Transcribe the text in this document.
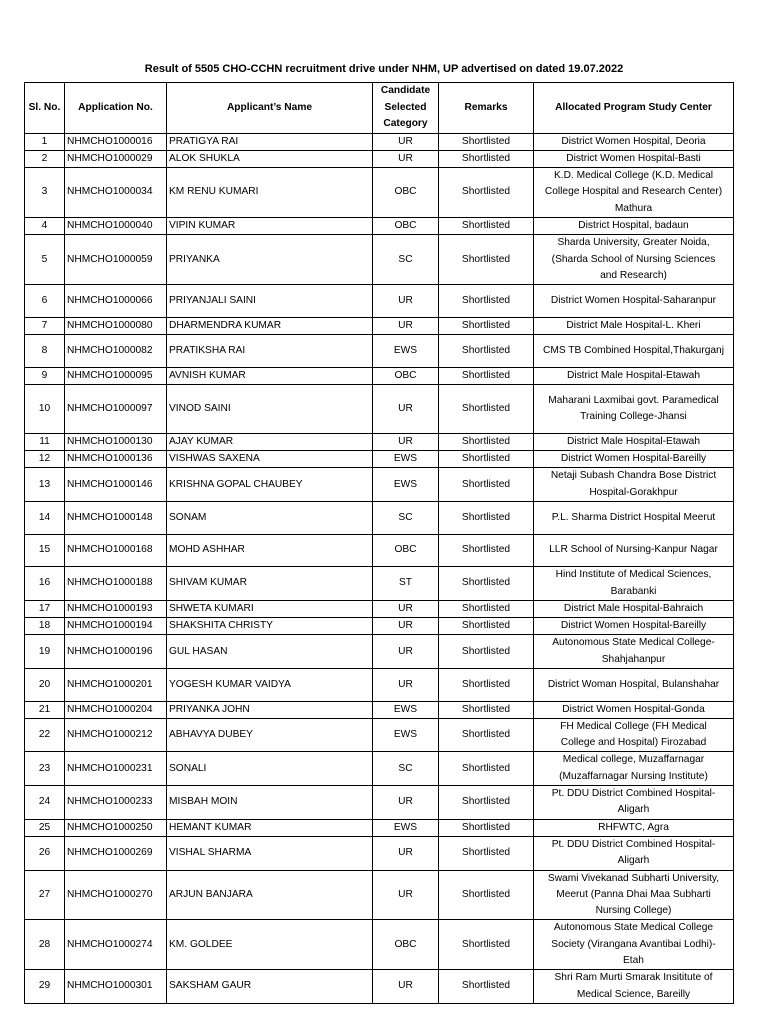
Result of 5505 CHO-CCHN recruitment drive under NHM, UP advertised on dated 19.07.2022
Sl. No.	Application No.	Applicant’s Name	Candidate
Selected
Category	Remarks	Allocated Program Study Center
1	NHMCHO1000016	PRATIGYA RAI	UR	Shortlisted	District Women Hospital, Deoria

2	NHMCHO1000029	ALOK SHUKLA	UR	Shortlisted	District Women Hospital-Basti

3	NHMCHO1000034	KM RENU KUMARI	OBC	Shortlisted	K.D. Medical College (K.D. Medical
College Hospital and Research Center)
Mathura

4	NHMCHO1000040	VIPIN KUMAR	OBC	Shortlisted	District Hospital, badaun

5	NHMCHO1000059	PRIYANKA	SC	Shortlisted	Sharda University, Greater Noida,
(Sharda School of Nursing Sciences
and Research)

6	NHMCHO1000066	PRIYANJALI SAINI	UR	Shortlisted	District Women Hospital-Saharanpur

7	NHMCHO1000080	DHARMENDRA KUMAR	UR	Shortlisted	District Male Hospital-L. Kheri

8	NHMCHO1000082	PRATIKSHA RAI	EWS	Shortlisted	CMS TB Combined Hospital,Thakurganj

9	NHMCHO1000095	AVNISH KUMAR	OBC	Shortlisted	District Male Hospital-Etawah

10	NHMCHO1000097	VINOD SAINI	UR	Shortlisted	Maharani Laxmibai govt. Paramedical
Training College-Jhansi

11	NHMCHO1000130	AJAY KUMAR	UR	Shortlisted	District Male Hospital-Etawah

12	NHMCHO1000136	VISHWAS SAXENA	EWS	Shortlisted	District Women Hospital-Bareilly

13	NHMCHO1000146	KRISHNA GOPAL CHAUBEY	EWS	Shortlisted	Netaji Subash Chandra Bose District
Hospital-Gorakhpur

14	NHMCHO1000148	SONAM	SC	Shortlisted	P.L. Sharma District Hospital Meerut

15	NHMCHO1000168	MOHD ASHHAR	OBC	Shortlisted	LLR School of Nursing-Kanpur Nagar

16	NHMCHO1000188	SHIVAM KUMAR	ST	Shortlisted	Hind Institute of Medical Sciences,
Barabanki

17	NHMCHO1000193	SHWETA KUMARI	UR	Shortlisted	District Male Hospital-Bahraich

18	NHMCHO1000194	SHAKSHITA CHRISTY	UR	Shortlisted	District Women Hospital-Bareilly

19	NHMCHO1000196	GUL HASAN	UR	Shortlisted	Autonomous State Medical College-
Shahjahanpur

20	NHMCHO1000201	YOGESH KUMAR VAIDYA	UR	Shortlisted	District Woman Hospital, Bulanshahar

21	NHMCHO1000204	PRIYANKA JOHN	EWS	Shortlisted	District Women Hospital-Gonda

22	NHMCHO1000212	ABHAVYA DUBEY	EWS	Shortlisted	FH Medical College (FH Medical
College and Hospital) Firozabad

23	NHMCHO1000231	SONALI	SC	Shortlisted	Medical college, Muzaffarnagar
(Muzaffarnagar Nursing Institute)

24	NHMCHO1000233	MISBAH MOIN	UR	Shortlisted	Pt. DDU District Combined Hospital-
Aligarh

25	NHMCHO1000250	HEMANT KUMAR	EWS	Shortlisted	RHFWTC, Agra

26	NHMCHO1000269	VISHAL SHARMA	UR	Shortlisted	Pt. DDU District Combined Hospital-
Aligarh

27	NHMCHO1000270	ARJUN BANJARA	UR	Shortlisted	Swami Vivekanad Subharti University,
Meerut (Panna Dhai Maa Subharti
Nursing College)

28	NHMCHO1000274	KM. GOLDEE	OBC	Shortlisted	Autonomous State Medical College
Society (Virangana Avantibai Lodhi)-
Etah

29	NHMCHO1000301	SAKSHAM GAUR	UR	Shortlisted	Shri Ram Murti Smarak Insititute of
Medical Science, Bareilly
